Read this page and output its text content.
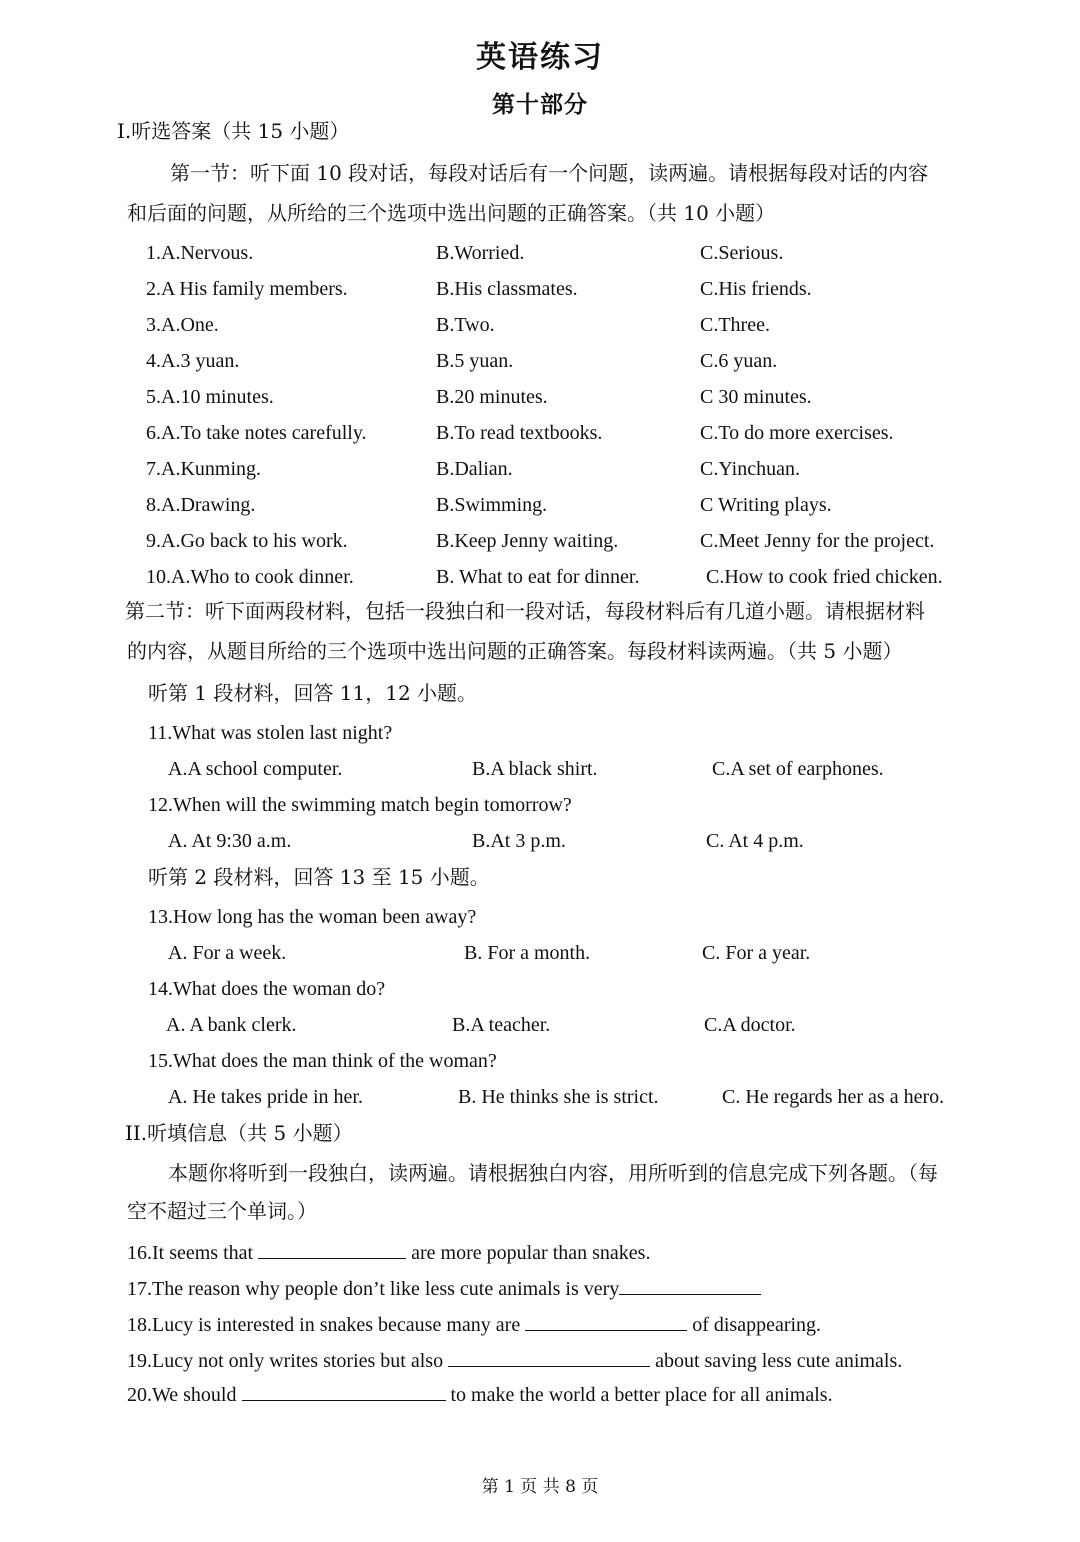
英语练习
第十部分
I.听选答案（共 15 小题）
第一节：听下面 10 段对话，每段对话后有一个问题，读两遍。请根据每段对话的内容
和后面的问题，从所给的三个选项中选出问题的正确答案。（共 10 小题）
1.A.Nervous.	B.Worried.	C.Serious.
2.A His family members.	B.His classmates.	C.His friends.
3.A.One.	B.Two.	C.Three.
4.A.3 yuan.	B.5 yuan.	C.6 yuan.
5.A.10 minutes.	B.20 minutes.	C 30 minutes.
6.A.To take notes carefully.	B.To read textbooks.	C.To do more exercises.
7.A.Kunming.	B.Dalian.	C.Yinchuan.
8.A.Drawing.	B.Swimming.	C Writing plays.
9.A.Go back to his work.	B.Keep Jenny waiting.	C.Meet Jenny for the project.
10.A.Who to cook dinner.	B. What to eat for dinner.	C.How to cook fried chicken.
第二节：听下面两段材料，包括一段独白和一段对话，每段材料后有几道小题。请根据材料
的内容，从题目所给的三个选项中选出问题的正确答案。每段材料读两遍。（共 5 小题）
听第 1 段材料，回答 11，12 小题。
11.What was stolen last night?
A.A school computer.	B.A black shirt.	C.A set of earphones.
12.When will the swimming match begin tomorrow?
A. At 9:30 a.m.	B.At 3 p.m.	C. At 4 p.m.
听第 2 段材料，回答 13 至 15 小题。
13.How long has the woman been away?
A. For a week.	B. For a month.	C. For a year.
14.What does the woman do?
A. A bank clerk.	B.A teacher.	C.A doctor.
15.What does the man think of the woman?
A. He takes pride in her.	B. He thinks she is strict.	C. He regards her as a hero.
II.听填信息（共 5 小题）
本题你将听到一段独白，读两遍。请根据独白内容，用所听到的信息完成下列各题。（每
空不超过三个单词。）
16.It seems that	are more popular than snakes.
17.The reason why people don’t like less cute animals is very
18.Lucy is interested in snakes because many are	of disappearing.
19.Lucy not only writes stories but also	about saving less cute animals.
20.We should	to make the world a better place for all animals.
第 1 页 共 8 页
